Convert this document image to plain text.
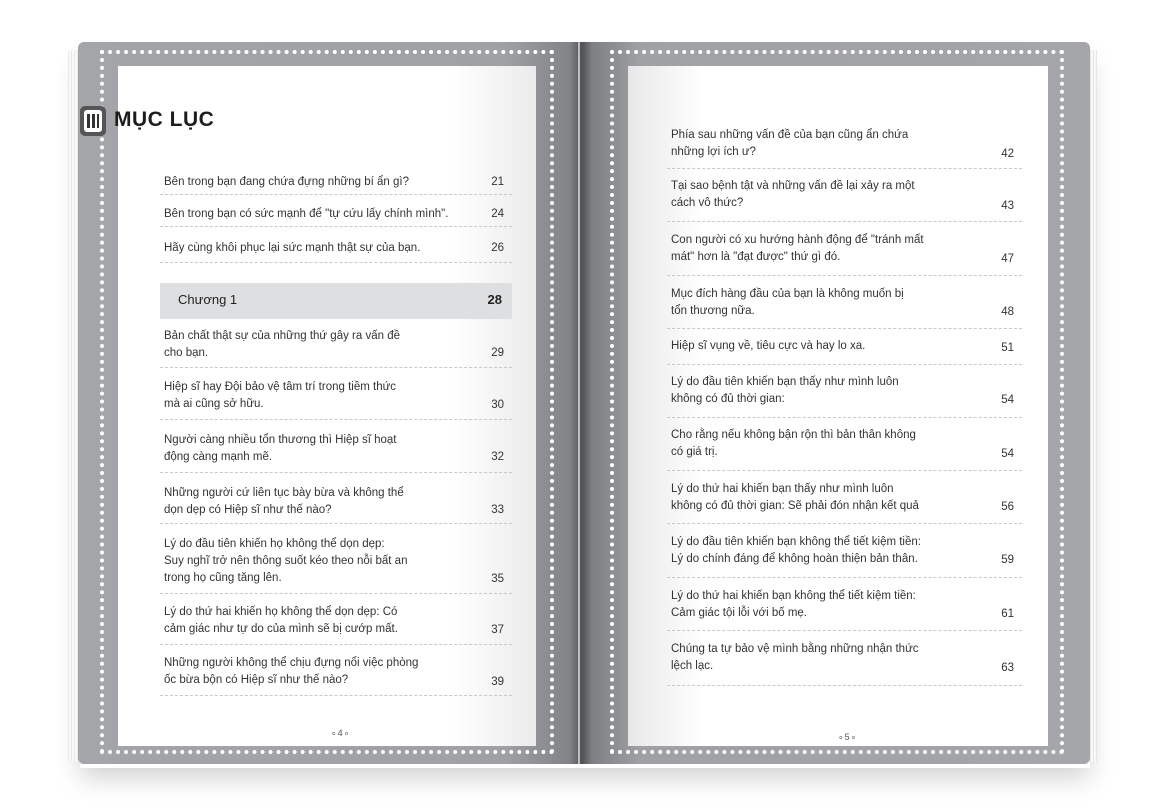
MỤC LỤC
Bên trong bạn đang chứa đựng những bí ẩn gì?	21
Bên trong bạn có sức mạnh để "tự cứu lấy chính mình".	24
Hãy cùng khôi phục lại sức mạnh thật sự của bạn.	26
Chương 1	28
Bản chất thật sự của những thứ gây ra vấn đề
cho bạn.	29
Hiệp sĩ hay Đội bảo vệ tâm trí trong tiềm thức
mà ai cũng sở hữu.	30
Người càng nhiều tổn thương thì Hiệp sĩ hoạt
động càng mạnh mẽ.	32
Những người cứ liên tục bày bừa và không thể
dọn dẹp có Hiệp sĩ như thế nào?	33
Lý do đầu tiên khiến họ không thể dọn dẹp:
Suy nghĩ trở nên thông suốt kéo theo nỗi bất an
trong họ cũng tăng lên.	35
Lý do thứ hai khiến họ không thể dọn dẹp: Có
cảm giác như tự do của mình sẽ bị cướp mất.	37
Những người không thể chịu đựng nổi việc phòng
ốc bừa bộn có Hiệp sĩ như thế nào?	39
∘4∘
Phía sau những vấn đề của bạn cũng ẩn chứa
những lợi ích ư?	42
Tại sao bệnh tật và những vấn đề lại xảy ra một
cách vô thức?	43
Con người có xu hướng hành động để "tránh mất
mát" hơn là "đạt được" thứ gì đó.	47
Mục đích hàng đầu của bạn là không muốn bị
tổn thương nữa.	48
Hiệp sĩ vụng về, tiêu cực và hay lo xa.	51
Lý do đầu tiên khiến bạn thấy như mình luôn
không có đủ thời gian:	54
Cho rằng nếu không bận rộn thì bản thân không
có giá trị.	54
Lý do thứ hai khiến bạn thấy như mình luôn
không có đủ thời gian: Sẽ phải đón nhận kết quả	56
Lý do đầu tiên khiến bạn không thể tiết kiệm tiền:
Lý do chính đáng để không hoàn thiện bản thân.	59
Lý do thứ hai khiến bạn không thể tiết kiệm tiền:
Cảm giác tội lỗi với bố mẹ.	61
Chúng ta tự bảo vệ mình bằng những nhận thức
lệch lạc.	63
∘5∘
